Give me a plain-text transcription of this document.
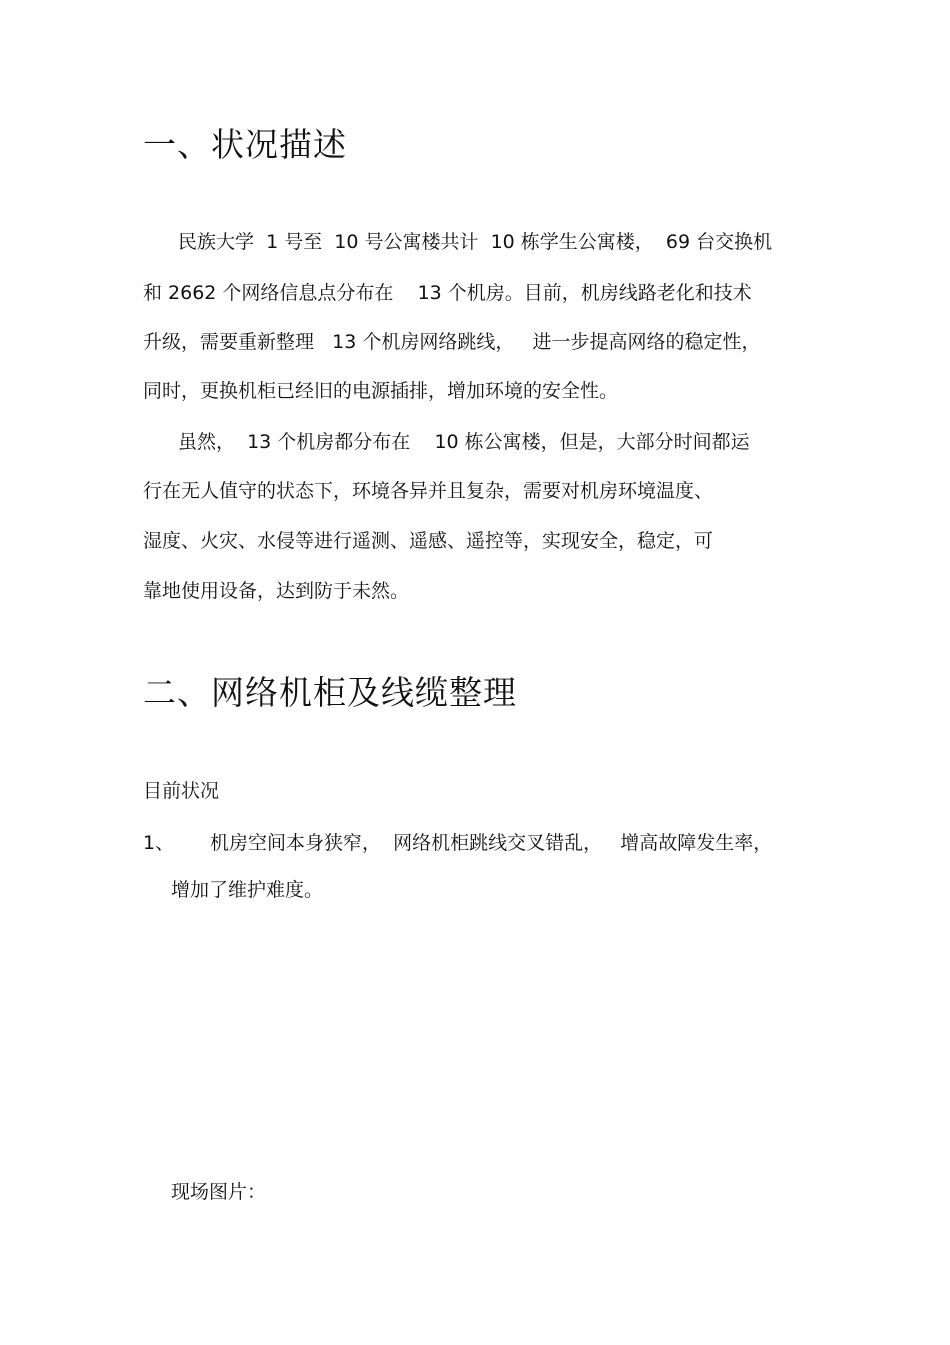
一、状况描述

民族大学  1 号至  10 号公寓楼共计  10 栋学生公寓楼，  69 台交换机

和 2662 个网络信息点分布在    13 个机房。目前，机房线路老化和技术

升级，需要重新整理   13 个机房网络跳线，   进一步提高网络的稳定性，

同时，更换机柜已经旧的电源插排，增加环境的安全性。

虽然，  13 个机房都分布在    10 栋公寓楼，但是，大部分时间都运

行在无人值守的状态下，环境各异并且复杂，需要对机房环境温度、

湿度、火灾、水侵等进行遥测、遥感、遥控等，实现安全，稳定，可

靠地使用设备，达到防于未然。

二、网络机柜及线缆整理

目前状况

1、 机房空间本身狭窄，  网络机柜跳线交叉错乱，   增高故障发生率，

增加了维护难度。

现场图片：
